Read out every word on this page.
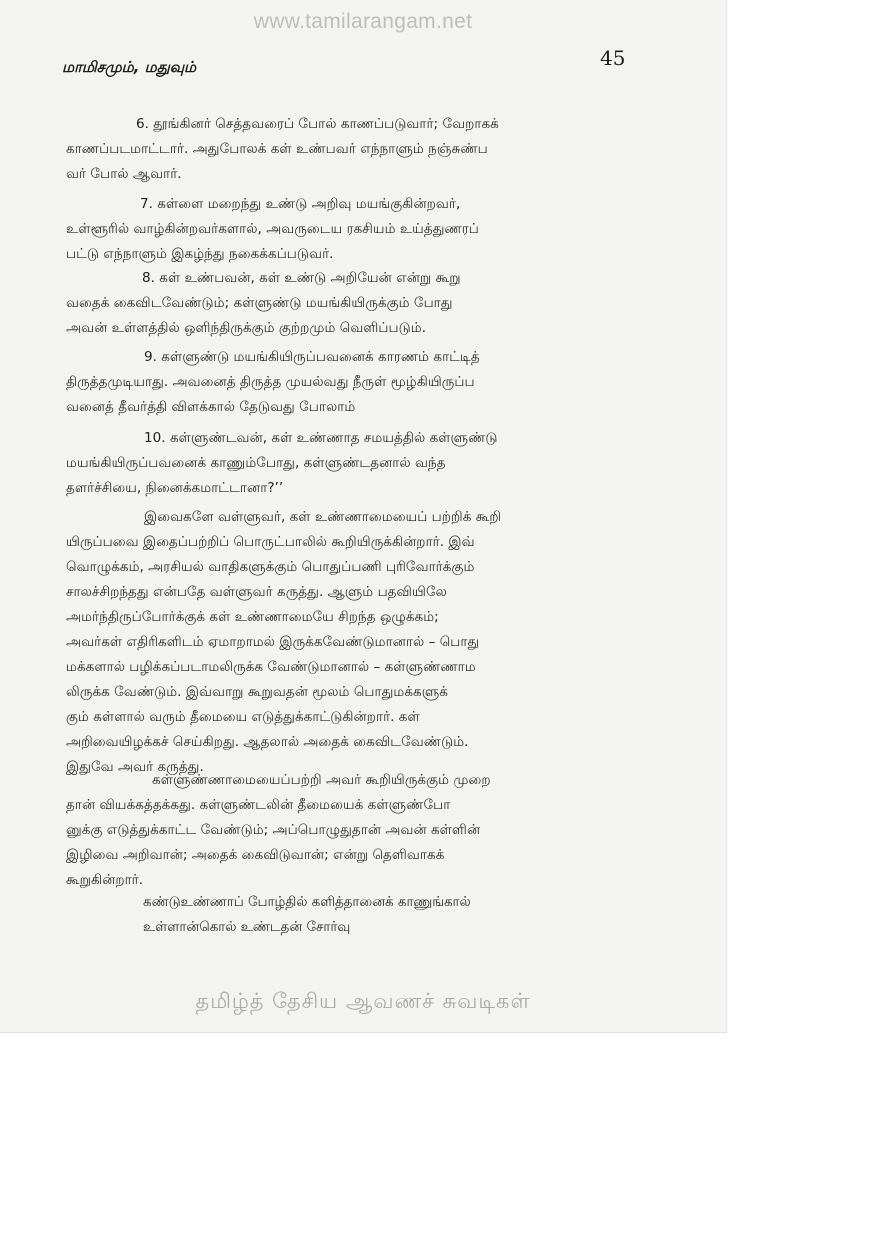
www.tamilarangam.net
மாமிசமும், மதுவும்	45

6. தூங்கினர் செத்தவரைப் போல் காணப்படுவார்; வேறாகக்
காணப்படமாட்டார். அதுபோலக் கள் உண்பவர் எந்நாளும் நஞ்சுண்ப
வர் போல் ஆவார்.

7. கள்ளை மறைந்து உண்டு அறிவு மயங்குகின்றவர்,
உள்ளூரில் வாழ்கின்றவர்களால், அவருடைய ரகசியம் உய்த்துணரப்
பட்டு எந்நாளும் இகழ்ந்து நகைக்கப்படுவர்.

8. கள் உண்பவன், கள் உண்டு அறியேன் என்று கூறு
வதைக் கைவிடவேண்டும்; கள்ளுண்டு மயங்கியிருக்கும் போது
அவன் உள்ளத்தில் ஒளிந்திருக்கும் குற்றமும் வெளிப்படும்.

9. கள்ளுண்டு மயங்கியிருப்பவனைக் காரணம் காட்டித்
திருத்தமுடியாது. அவனைத் திருத்த முயல்வது நீருள் மூழ்கியிருப்ப
வனைத் தீவர்த்தி விளக்கால் தேடுவது போலாம்

10. கள்ளுண்டவன், கள் உண்ணாத சமயத்தில் கள்ளுண்டு
மயங்கியிருப்பவனைக் காணும்போது, கள்ளுண்டதனால் வந்த
தளர்ச்சியை, நினைக்கமாட்டானா?’’

இவைகளே வள்ளுவர், கள் உண்ணாமையைப் பற்றிக் கூறி
யிருப்பவை இதைப்பற்றிப் பொருட்பாலில் கூறியிருக்கின்றார். இவ்
வொழுக்கம், அரசியல் வாதிகளுக்கும் பொதுப்பணி புரிவோர்க்கும்
சாலச்சிறந்தது என்பதே வள்ளுவர் கருத்து. ஆளும் பதவியிலே
அமர்ந்திருப்போர்க்குக் கள் உண்ணாமையே சிறந்த ஒழுக்கம்;
அவர்கள் எதிரிகளிடம் ஏமாறாமல் இருக்கவேண்டுமானால் – பொது
மக்களால் பழிக்கப்படாமலிருக்க வேண்டுமானால் – கள்ளுண்ணாம
லிருக்க வேண்டும். இவ்வாறு கூறுவதன் மூலம் பொதுமக்களுக்
கும் கள்ளால் வரும் தீமையை எடுத்துக்காட்டுகின்றார். கள்
அறிவையிழக்கச் செய்கிறது. ஆதலால் அதைக் கைவிடவேண்டும்.
இதுவே அவர் கருத்து.

கள்ளுண்ணாமையைப்பற்றி அவர் கூறியிருக்கும் முறை
தான் வியக்கத்தக்கது. கள்ளுண்டலின் தீமையைக் கள்ளுண்போ
னுக்கு எடுத்துக்காட்ட வேண்டும்; அப்பொழுதுதான் அவன் கள்ளின்
இழிவை அறிவான்; அதைக் கைவிடுவான்; என்று தெளிவாகக்
கூறுகின்றார்.

கண்டுஉண்ணாப் போழ்தில் களித்தானைக் காணுங்கால்
உள்ளான்கொல் உண்டதன் சோர்வு
தமிழ்த் தேசிய ஆவணச் சுவடிகள்
